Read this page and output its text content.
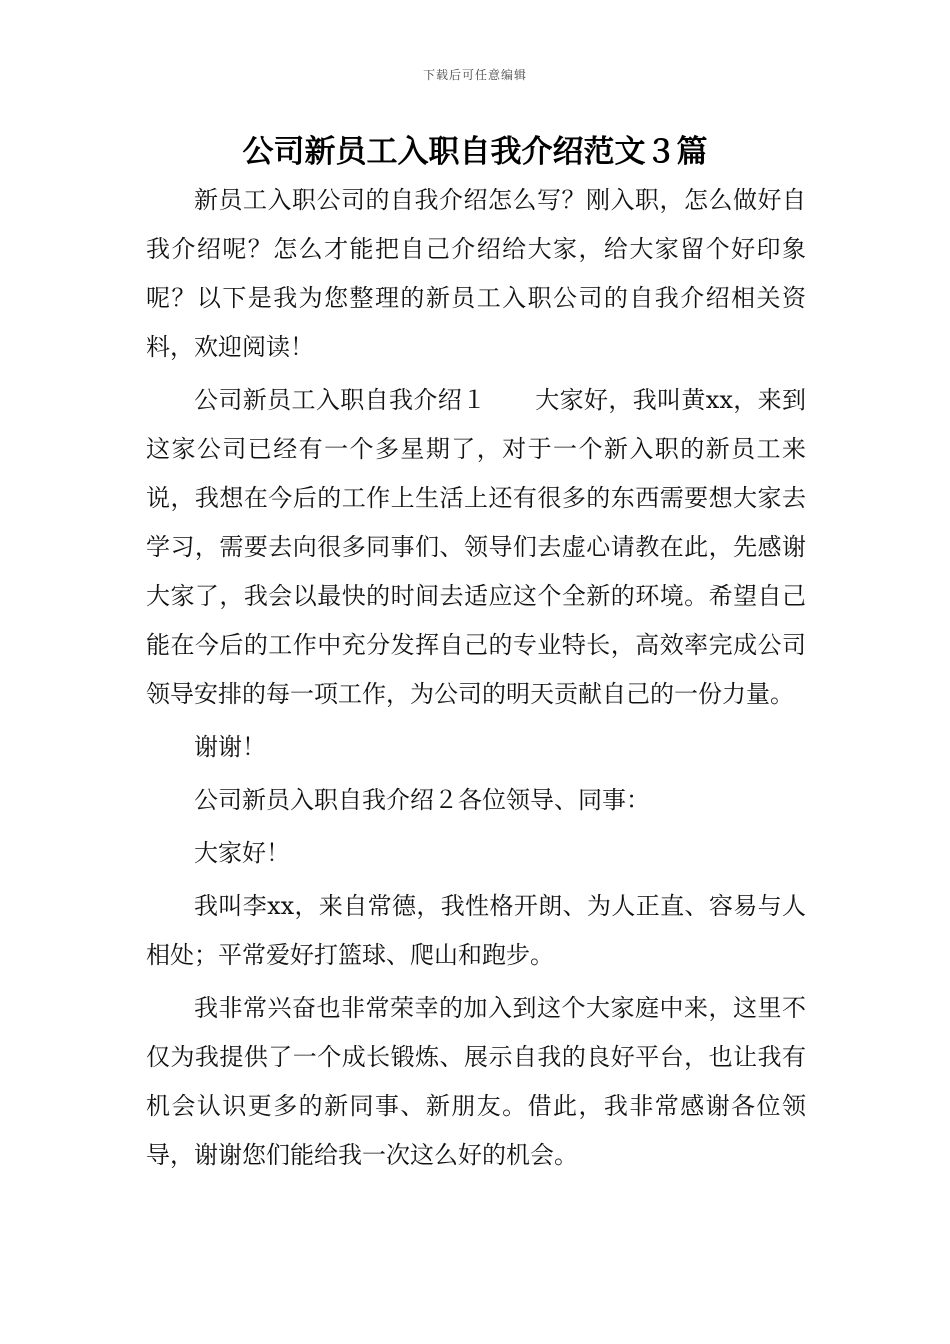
下载后可任意编辑
公司新员工入职自我介绍范文３篇

新员工入职公司的自我介绍怎么写？刚入职，怎么做好自我介绍呢？怎么才能把自己介绍给大家，给大家留个好印象呢？以下是我为您整理的新员工入职公司的自我介绍相关资料，欢迎阅读！

公司新员工入职自我介绍１　　大家好，我叫黄xx，来到这家公司已经有一个多星期了，对于一个新入职的新员工来说，我想在今后的工作上生活上还有很多的东西需要想大家去学习，需要去向很多同事们、领导们去虚心请教在此，先感谢大家了，我会以最快的时间去适应这个全新的环境。希望自己能在今后的工作中充分发挥自己的专业特长，高效率完成公司领导安排的每一项工作，为公司的明天贡献自己的一份力量。

谢谢！

公司新员入职自我介绍２各位领导、同事：

大家好！

我叫李xx，来自常德，我性格开朗、为人正直、容易与人相处；平常爱好打篮球、爬山和跑步。

我非常兴奋也非常荣幸的加入到这个大家庭中来，这里不仅为我提供了一个成长锻炼、展示自我的良好平台，也让我有机会认识更多的新同事、新朋友。借此，我非常感谢各位领导，谢谢您们能给我一次这么好的机会。
